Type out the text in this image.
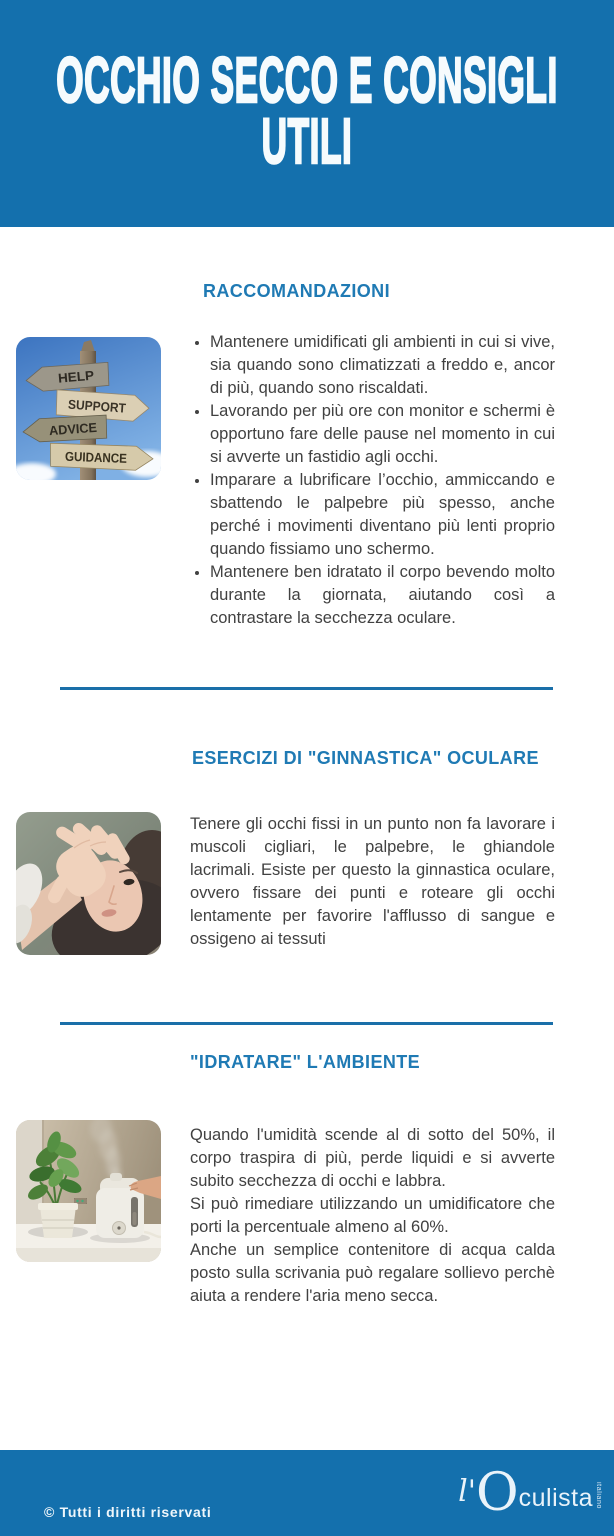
OCCHIO SECCO E CONSIGLI
UTILI
RACCOMANDAZIONI
HELP
SUPPORT
ADVICE
GUIDANCE
• Mantenere umidificati gli ambienti in cui si vive, sia quando sono climatizzati a freddo e, ancor di più, quando sono riscaldati.
• Lavorando per più ore con monitor e schermi è opportuno fare delle pause nel momento in cui si avverte un fastidio agli occhi.
• Imparare a lubrificare l’occhio, ammiccando e sbattendo le palpebre più spesso, anche perché i movimenti diventano più lenti proprio quando fissiamo uno schermo.
• Mantenere ben idratato il corpo bevendo molto durante la giornata, aiutando così a contrastare la secchezza oculare.
ESERCIZI DI "GINNASTICA" OCULARE

Tenere gli occhi fissi in un punto non fa lavorare i muscoli cigliari, le palpebre, le ghiandole lacrimali. Esiste per questo la ginnastica oculare, ovvero fissare dei punti e roteare gli occhi lentamente per favorire l'afflusso di sangue e ossigeno ai tessuti

"IDRATARE" L'AMBIENTE

Quando l'umidità scende al di sotto del 50%, il corpo traspira di più, perde liquidi e si avverte subito secchezza di occhi e labbra.

Si può rimediare utilizzando un umidificatore che porti la percentuale almeno al 60%.

Anche un semplice contenitore di acqua calda posto sulla scrivania può regalare sollievo perchè aiuta a rendere l'aria meno secca.

© Tutti i diritti riservati
l' O culista italiano
